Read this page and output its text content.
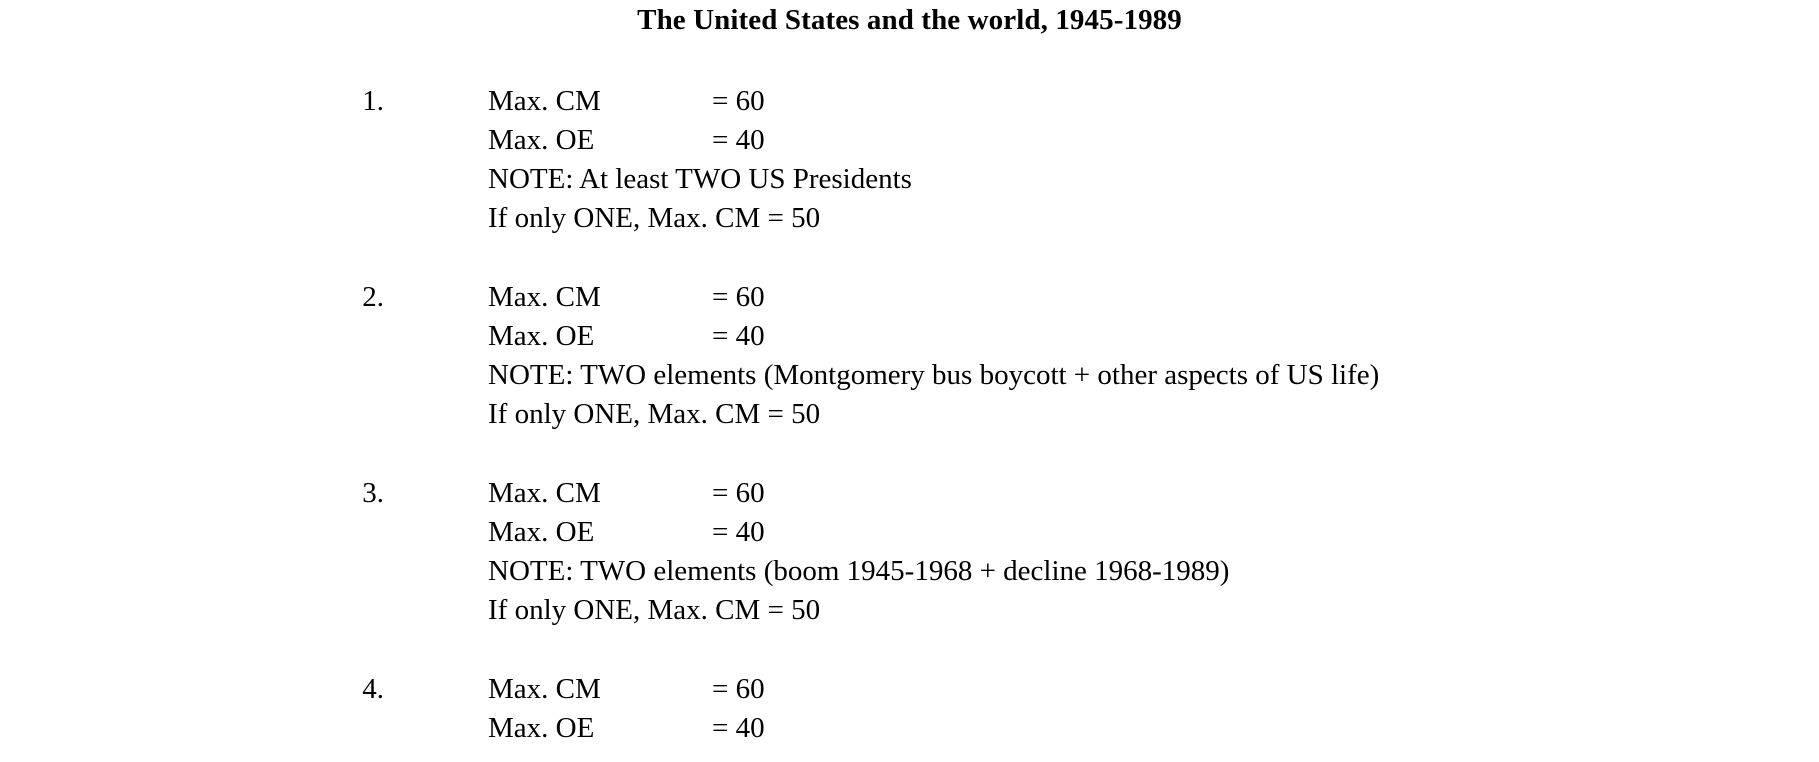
The United States and the world, 1945-1989
1.	Max. CM	= 60
Max. OE	= 40
NOTE: At least TWO US Presidents
If only ONE, Max. CM = 50
2.	Max. CM	= 60
Max. OE	= 40
NOTE: TWO elements (Montgomery bus boycott + other aspects of US life)
If only ONE, Max. CM = 50
3.	Max. CM	= 60
Max. OE	= 40
NOTE: TWO elements (boom 1945-1968 + decline 1968-1989)
If only ONE, Max. CM = 50
4.	Max. CM	= 60
Max. OE	= 40
